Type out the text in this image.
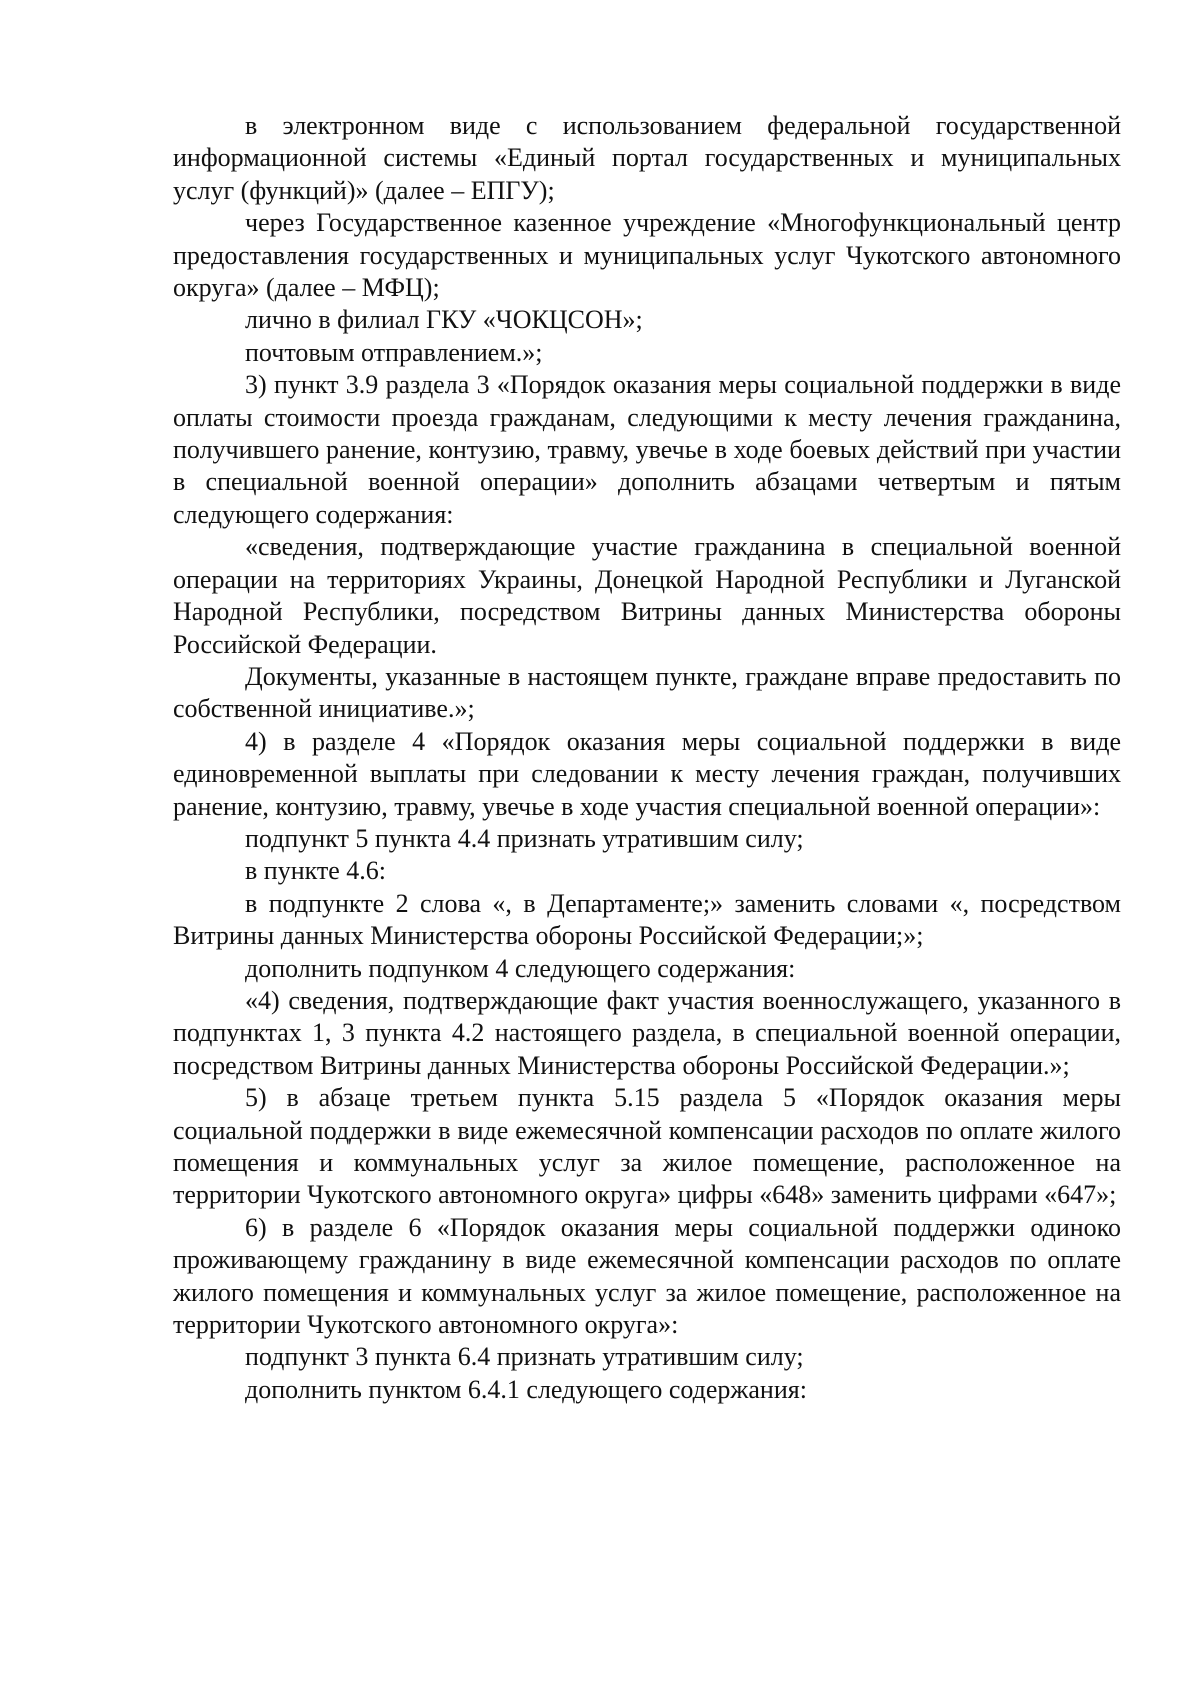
в электронном виде с использованием федеральной государственной информационной системы «Единый портал государственных и муниципальных услуг (функций)» (далее – ЕПГУ);

через Государственное казенное учреждение «Многофункциональный центр предоставления государственных и муниципальных услуг Чукотского автономного округа» (далее – МФЦ);

лично в филиал ГКУ «ЧОКЦСОН»;

почтовым отправлением.»;

3) пункт 3.9 раздела 3 «Порядок оказания меры социальной поддержки в виде оплаты стоимости проезда гражданам, следующими к месту лечения гражданина, получившего ранение, контузию, травму, увечье в ходе боевых действий при участии в специальной военной операции» дополнить абзацами четвертым и пятым следующего содержания:

«сведения, подтверждающие участие гражданина в специальной военной операции на территориях Украины, Донецкой Народной Республики и Луганской Народной Республики, посредством Витрины данных Министерства обороны Российской Федерации.

Документы, указанные в настоящем пункте, граждане вправе предоставить по собственной инициативе.»;

4) в разделе 4 «Порядок оказания меры социальной поддержки в виде единовременной выплаты при следовании к месту лечения граждан, получивших ранение, контузию, травму, увечье в ходе участия специальной военной операции»:

подпункт 5 пункта 4.4 признать утратившим силу;

в пункте 4.6:

в подпункте 2 слова «, в Департаменте;» заменить словами «, посредством Витрины данных Министерства обороны Российской Федерации;»;

дополнить подпунком 4 следующего содержания:

«4) сведения, подтверждающие факт участия военнослужащего, указанного в подпунктах 1, 3 пункта 4.2 настоящего раздела, в специальной военной операции, посредством Витрины данных Министерства обороны Российской Федерации.»;

5) в абзаце третьем пункта 5.15 раздела 5 «Порядок оказания меры социальной поддержки в виде ежемесячной компенсации расходов по оплате жилого помещения и коммунальных услуг за жилое помещение, расположенное на территории Чукотского автономного округа» цифры «648» заменить цифрами «647»;

6) в разделе 6 «Порядок оказания меры социальной поддержки одиноко проживающему гражданину в виде ежемесячной компенсации расходов по оплате жилого помещения и коммунальных услуг за жилое помещение, расположенное на территории Чукотского автономного округа»:

подпункт 3 пункта 6.4 признать утратившим силу;

дополнить пунктом 6.4.1 следующего содержания:
